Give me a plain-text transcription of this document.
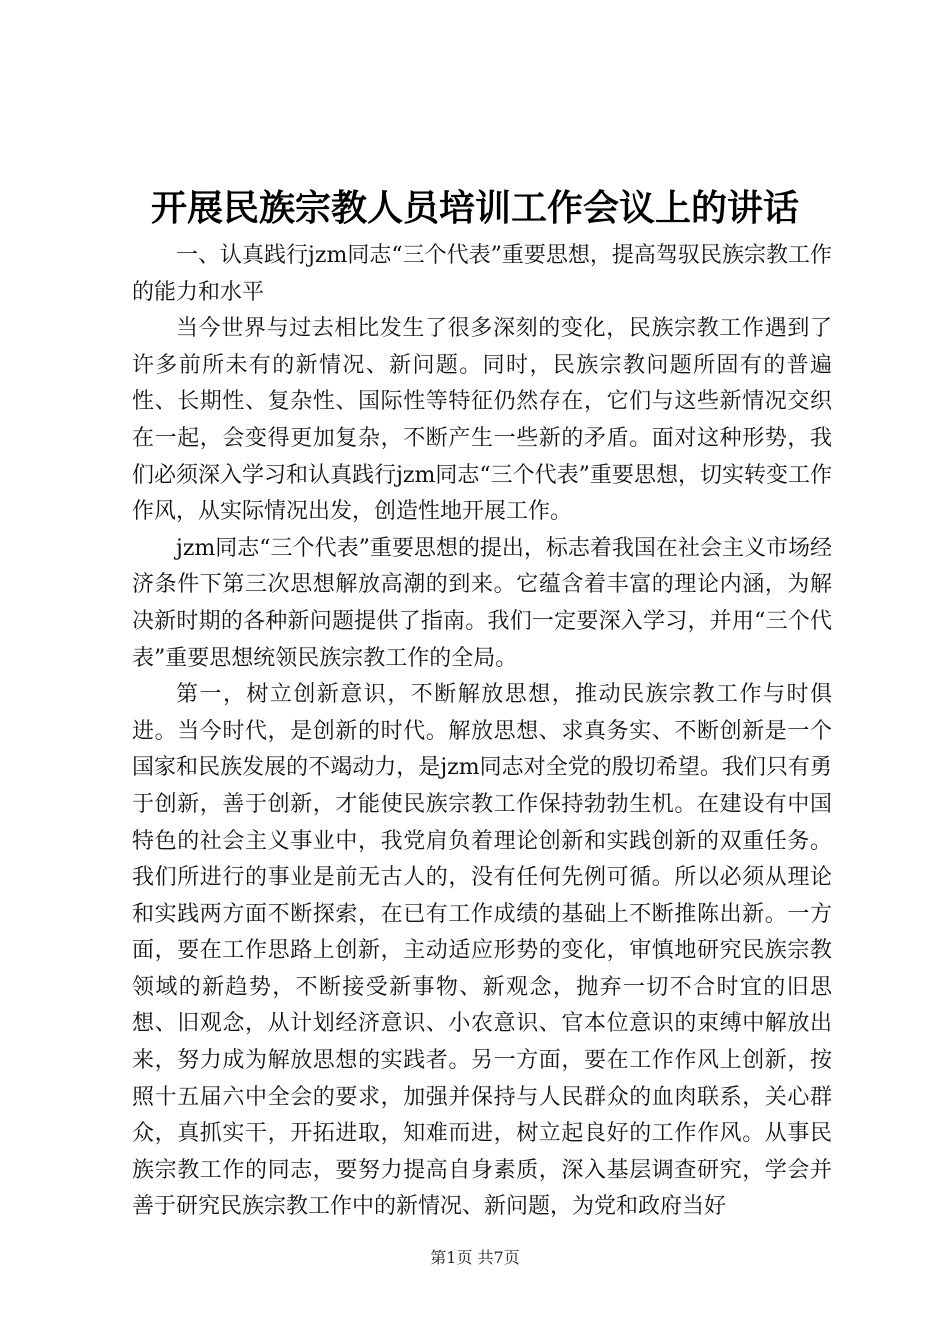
开展民族宗教人员培训工作会议上的讲话

一、认真践行jzm同志“三个代表”重要思想，提高驾驭民族宗教工作的能力和水平

当今世界与过去相比发生了很多深刻的变化，民族宗教工作遇到了许多前所未有的新情况、新问题。同时，民族宗教问题所固有的普遍性、长期性、复杂性、国际性等特征仍然存在，它们与这些新情况交织在一起，会变得更加复杂，不断产生一些新的矛盾。面对这种形势，我们必须深入学习和认真践行jzm同志“三个代表”重要思想，切实转变工作作风，从实际情况出发，创造性地开展工作。

jzm同志“三个代表”重要思想的提出，标志着我国在社会主义市场经济条件下第三次思想解放高潮的到来。它蕴含着丰富的理论内涵，为解决新时期的各种新问题提供了指南。我们一定要深入学习，并用“三个代表”重要思想统领民族宗教工作的全局。

第一，树立创新意识，不断解放思想，推动民族宗教工作与时俱进。当今时代，是创新的时代。解放思想、求真务实、不断创新是一个国家和民族发展的不竭动力，是jzm同志对全党的殷切希望。我们只有勇于创新，善于创新，才能使民族宗教工作保持勃勃生机。在建设有中国特色的社会主义事业中，我党肩负着理论创新和实践创新的双重任务。我们所进行的事业是前无古人的，没有任何先例可循。所以必须从理论和实践两方面不断探索，在已有工作成绩的基础上不断推陈出新。一方面，要在工作思路上创新，主动适应形势的变化，审慎地研究民族宗教领域的新趋势，不断接受新事物、新观念，抛弃一切不合时宜的旧思想、旧观念，从计划经济意识、小农意识、官本位意识的束缚中解放出来，努力成为解放思想的实践者。另一方面，要在工作作风上创新，按照十五届六中全会的要求，加强并保持与人民群众的血肉联系，关心群众，真抓实干，开拓进取，知难而进，树立起良好的工作作风。从事民族宗教工作的同志，要努力提高自身素质，深入基层调查研究，学会并善于研究民族宗教工作中的新情况、新问题，为党和政府当好

第1页 共7页
